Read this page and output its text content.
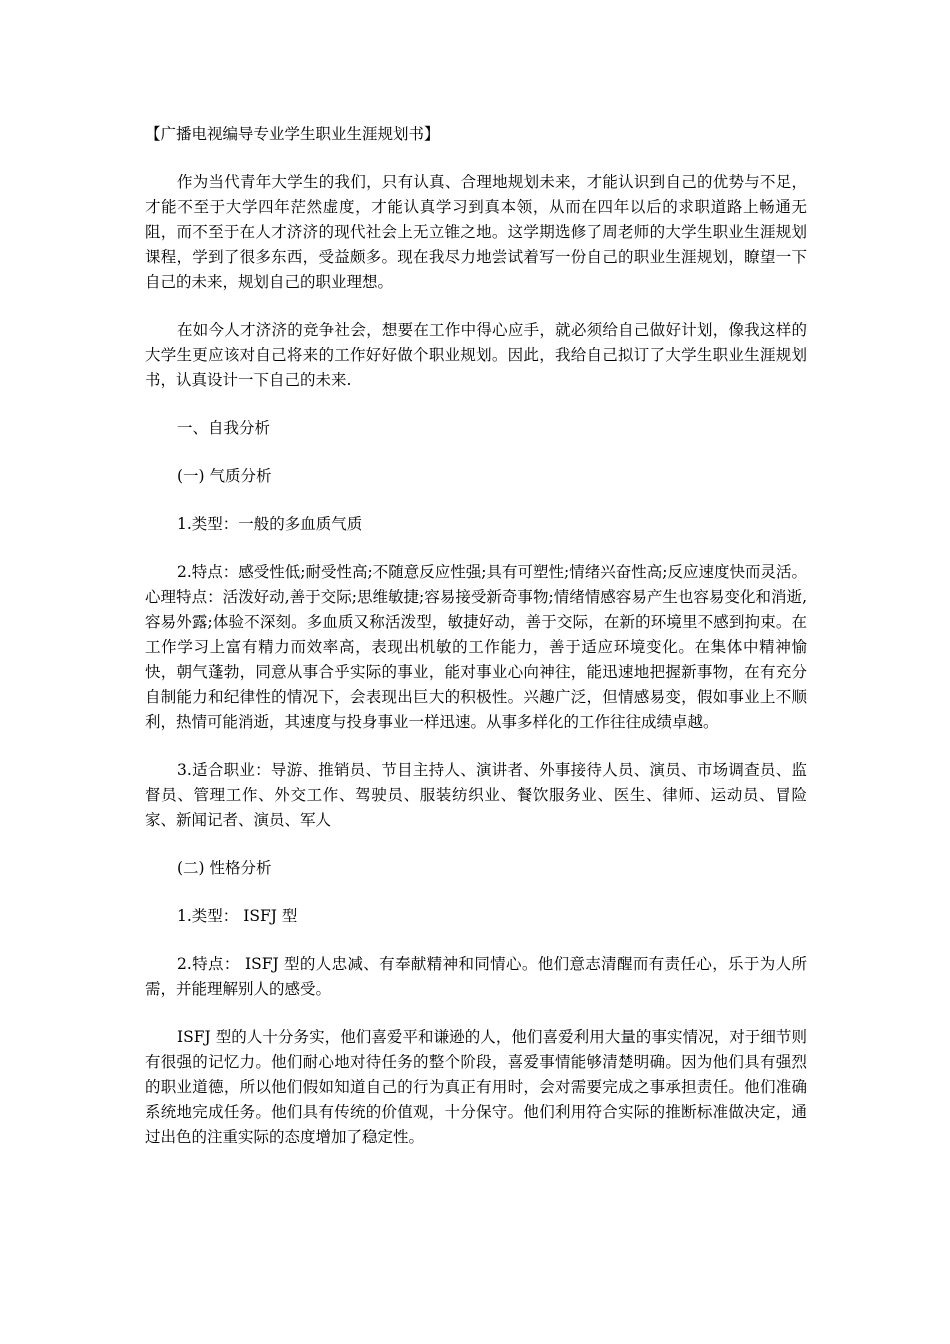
【广播电视编导专业学生职业生涯规划书】

作为当代青年大学生的我们，只有认真、合理地规划未来，才能认识到自己的优势与不足，才能不至于大学四年茫然虚度，才能认真学习到真本领，从而在四年以后的求职道路上畅通无阻，而不至于在人才济济的现代社会上无立锥之地。这学期选修了周老师的大学生职业生涯规划课程，学到了很多东西，受益颇多。现在我尽力地尝试着写一份自己的职业生涯规划，瞭望一下自己的未来，规划自己的职业理想。

在如今人才济济的竞争社会，想要在工作中得心应手，就必须给自己做好计划，像我这样的大学生更应该对自己将来的工作好好做个职业规划。因此，我给自己拟订了大学生职业生涯规划书，认真设计一下自己的未来.

一、自我分析

(一) 气质分析

1.类型：一般的多血质气质

2.特点：感受性低;耐受性高;不随意反应性强;具有可塑性;情绪兴奋性高;反应速度快而灵活。 心理特点：活泼好动,善于交际;思维敏捷;容易接受新奇事物;情绪情感容易产生也容易变化和消逝,容易外露;体验不深刻。多血质又称活泼型，敏捷好动，善于交际，在新的环境里不感到拘束。在工作学习上富有精力而效率高，表现出机敏的工作能力，善于适应环境变化。在集体中精神愉快，朝气蓬勃，同意从事合乎实际的事业，能对事业心向神往，能迅速地把握新事物，在有充分自制能力和纪律性的情况下，会表现出巨大的积极性。兴趣广泛，但情感易变，假如事业上不顺利，热情可能消逝，其速度与投身事业一样迅速。从事多样化的工作往往成绩卓越。

3.适合职业：导游、推销员、节目主持人、演讲者、外事接待人员、演员、市场调查员、监督员、管理工作、外交工作、驾驶员、服装纺织业、餐饮服务业、医生、律师、运动员、冒险家、新闻记者、演员、军人

(二) 性格分析

1.类型： ISFJ 型

2.特点： ISFJ 型的人忠减、有奉献精神和同情心。他们意志清醒而有责任心，乐于为人所需，并能理解别人的感受。

ISFJ 型的人十分务实，他们喜爱平和谦逊的人，他们喜爱利用大量的事实情况，对于细节则有很强的记忆力。他们耐心地对待任务的整个阶段，喜爱事情能够清楚明确。因为他们具有强烈的职业道德，所以他们假如知道自己的行为真正有用时，会对需要完成之事承担责任。他们准确系统地完成任务。他们具有传统的价值观，十分保守。他们利用符合实际的推断标准做决定，通过出色的注重实际的态度增加了稳定性。
